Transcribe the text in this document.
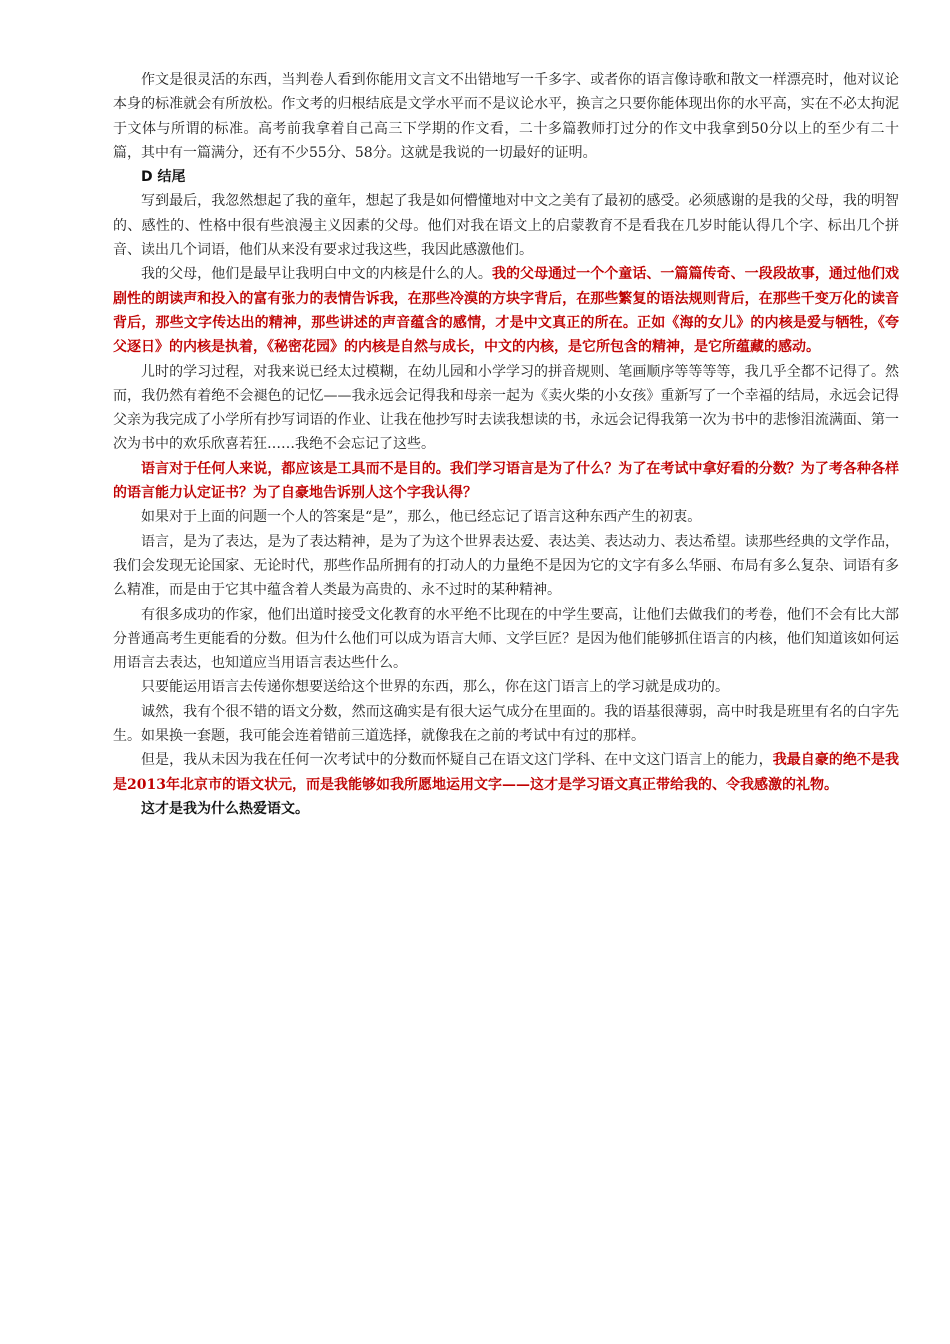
作文是很灵活的东西，当判卷人看到你能用文言文不出错地写一千多字、或者你的语言像诗歌和散文一样漂亮时，他对议论本身的标准就会有所放松。作文考的归根结底是文学水平而不是议论水平，换言之只要你能体现出你的水平高，实在不必太拘泥于文体与所谓的标准。高考前我拿着自己高三下学期的作文看，二十多篇教师打过分的作文中我拿到50分以上的至少有二十篇，其中有一篇满分，还有不少55分、58分。这就是我说的一切最好的证明。

D 结尾

写到最后，我忽然想起了我的童年，想起了我是如何懵懂地对中文之美有了最初的感受。必须感谢的是我的父母，我的明智的、感性的、性格中很有些浪漫主义因素的父母。他们对我在语文上的启蒙教育不是看我在几岁时能认得几个字、标出几个拼音、读出几个词语，他们从来没有要求过我这些，我因此感激他们。

我的父母，他们是最早让我明白中文的内核是什么的人。我的父母通过一个个童话、一篇篇传奇、一段段故事，通过他们戏剧性的朗读声和投入的富有张力的表情告诉我，在那些冷漠的方块字背后，在那些繁复的语法规则背后，在那些千变万化的读音背后，那些文字传达出的精神，那些讲述的声音蕴含的感情，才是中文真正的所在。正如《海的女儿》的内核是爱与牺牲，《夸父逐日》的内核是执着，《秘密花园》的内核是自然与成长，中文的内核，是它所包含的精神，是它所蕴藏的感动。

儿时的学习过程，对我来说已经太过模糊，在幼儿园和小学学习的拼音规则、笔画顺序等等等等，我几乎全都不记得了。然而，我仍然有着绝不会褪色的记忆——我永远会记得我和母亲一起为《卖火柴的小女孩》重新写了一个幸福的结局，永远会记得父亲为我完成了小学所有抄写词语的作业、让我在他抄写时去读我想读的书，永远会记得我第一次为书中的悲惨泪流满面、第一次为书中的欢乐欣喜若狂……我绝不会忘记了这些。

语言对于任何人来说，都应该是工具而不是目的。我们学习语言是为了什么？为了在考试中拿好看的分数？为了考各种各样的语言能力认定证书？为了自豪地告诉别人这个字我认得？

如果对于上面的问题一个人的答案是“是”，那么，他已经忘记了语言这种东西产生的初衷。

语言，是为了表达，是为了表达精神，是为了为这个世界表达爱、表达美、表达动力、表达希望。读那些经典的文学作品，我们会发现无论国家、无论时代，那些作品所拥有的打动人的力量绝不是因为它的文字有多么华丽、布局有多么复杂、词语有多么精准，而是由于它其中蕴含着人类最为高贵的、永不过时的某种精神。

有很多成功的作家，他们出道时接受文化教育的水平绝不比现在的中学生要高，让他们去做我们的考卷，他们不会有比大部分普通高考生更能看的分数。但为什么他们可以成为语言大师、文学巨匠？是因为他们能够抓住语言的内核，他们知道该如何运用语言去表达，也知道应当用语言表达些什么。

只要能运用语言去传递你想要送给这个世界的东西，那么，你在这门语言上的学习就是成功的。

诚然，我有个很不错的语文分数，然而这确实是有很大运气成分在里面的。我的语基很薄弱，高中时我是班里有名的白字先生。如果换一套题，我可能会连着错前三道选择，就像我在之前的考试中有过的那样。

但是，我从未因为我在任何一次考试中的分数而怀疑自己在语文这门学科、在中文这门语言上的能力，我最自豪的绝不是我是2013年北京市的语文状元，而是我能够如我所愿地运用文字——这才是学习语文真正带给我的、令我感激的礼物。

这才是我为什么热爱语文。
